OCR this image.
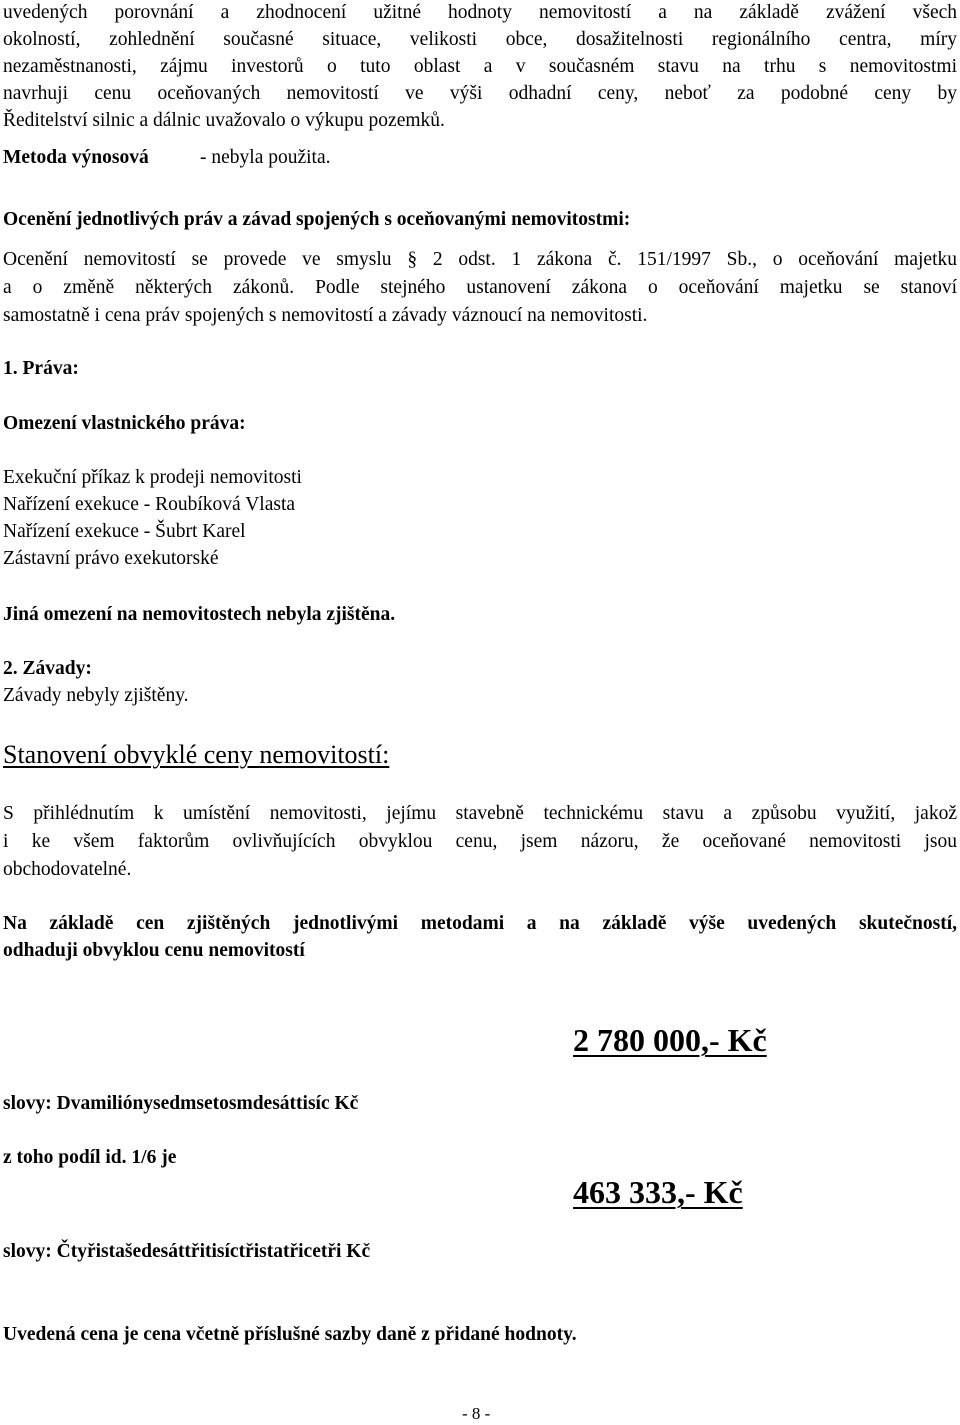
uvedených porovnání a zhodnocení užitné hodnoty nemovitostí a na základě zvážení všech
okolností, zohlednění současné situace, velikosti obce, dosažitelnosti regionálního centra, míry
nezaměstnanosti, zájmu investorů o tuto oblast a v současném stavu na trhu s nemovitostmi
navrhuji cenu oceňovaných nemovitostí ve výši odhadní ceny, neboť za podobné ceny by
Ředitelství silnic a dálnic uvažovalo o výkupu pozemků.
Metoda výnosová	- nebyla použita.
Ocenění jednotlivých práv a závad spojených s oceňovanými nemovitostmi:
Ocenění nemovitostí se provede ve smyslu § 2 odst. 1 zákona č. 151/1997 Sb., o oceňování majetku
a o změně některých zákonů. Podle stejného ustanovení zákona o oceňování majetku se stanoví
samostatně i cena práv spojených s nemovitostí a závady váznoucí na nemovitosti.
1. Práva:
Omezení vlastnického práva:
Exekuční příkaz k prodeji nemovitosti
Nařízení exekuce - Roubíková Vlasta
Nařízení exekuce - Šubrt Karel
Zástavní právo exekutorské
Jiná omezení na nemovitostech nebyla zjištěna.
2. Závady:
Závady nebyly zjištěny.
Stanovení obvyklé ceny nemovitostí:
S přihlédnutím k umístění nemovitosti, jejímu stavebně technickému stavu a způsobu využití, jakož
i ke všem faktorům ovlivňujících obvyklou cenu, jsem názoru, že oceňované nemovitosti jsou
obchodovatelné.
Na základě cen zjištěných jednotlivými metodami a na základě výše uvedených skutečností,
odhaduji obvyklou cenu nemovitostí
2 780 000,- Kč
slovy: Dvamiliónysedmsetosmdesáttisíc Kč
z toho podíl id. 1/6 je
463 333,- Kč
slovy: Čtyřistašedesáttřitisíctřistatřicetři Kč
Uvedená cena je cena včetně příslušné sazby daně z přidané hodnoty.
- 8 -
